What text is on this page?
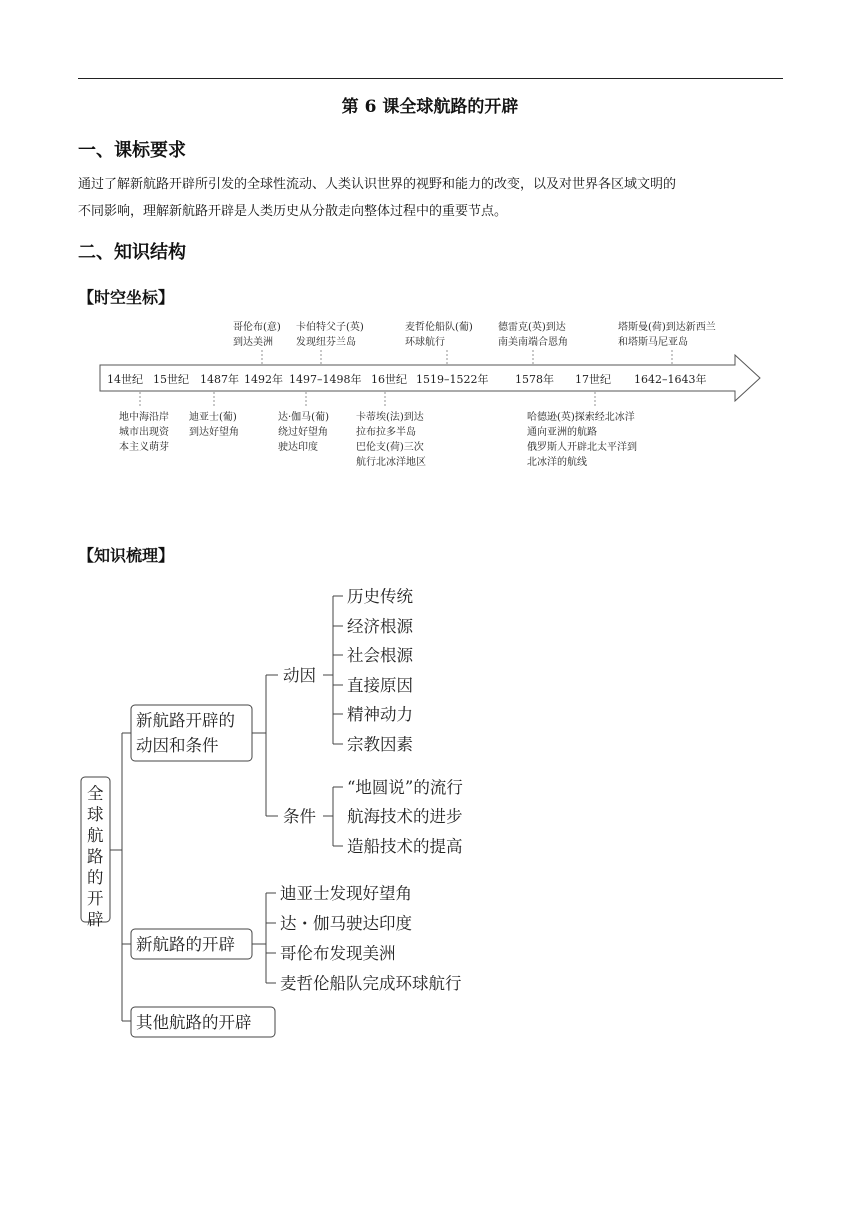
第 6 课全球航路的开辟
一、课标要求
通过了解新航路开辟所引发的全球性流动、人类认识世界的视野和能力的改变，以及对世界各区域文明的
不同影响，理解新航路开辟是人类历史从分散走向整体过程中的重要节点。
二、知识结构
【时空坐标】
【知识梳理】
14世纪 15世纪 1487年 1492年 1497–1498年 16世纪 1519–1522年 1578年 17世纪 1642–1643年
哥伦布(意)
到达美洲
卡伯特父子(英)
发现纽芬兰岛
麦哲伦船队(葡)
环球航行
德雷克(英)到达
南美南端合恩角
塔斯曼(荷)到达新西兰
和塔斯马尼亚岛
地中海沿岸
城市出现资
本主义萌芽
迪亚士(葡)
到达好望角
达·伽马(葡)
绕过好望角
驶达印度
卡蒂埃(法)到达
拉布拉多半岛
巴伦支(荷)三次
航行北冰洋地区
哈德逊(英)探索经北冰洋
通向亚洲的航路
俄罗斯人开辟北太平洋到
北冰洋的航线
全
球
航
路
的
开
辟
新航路开辟的
动因和条件
动因
条件
历史传统
经济根源
社会根源
直接原因
精神动力
宗教因素
“地圆说”的流行
航海技术的进步
造船技术的提高
新航路的开辟
迪亚士发现好望角
达・伽马驶达印度
哥伦布发现美洲
麦哲伦船队完成环球航行
其他航路的开辟
